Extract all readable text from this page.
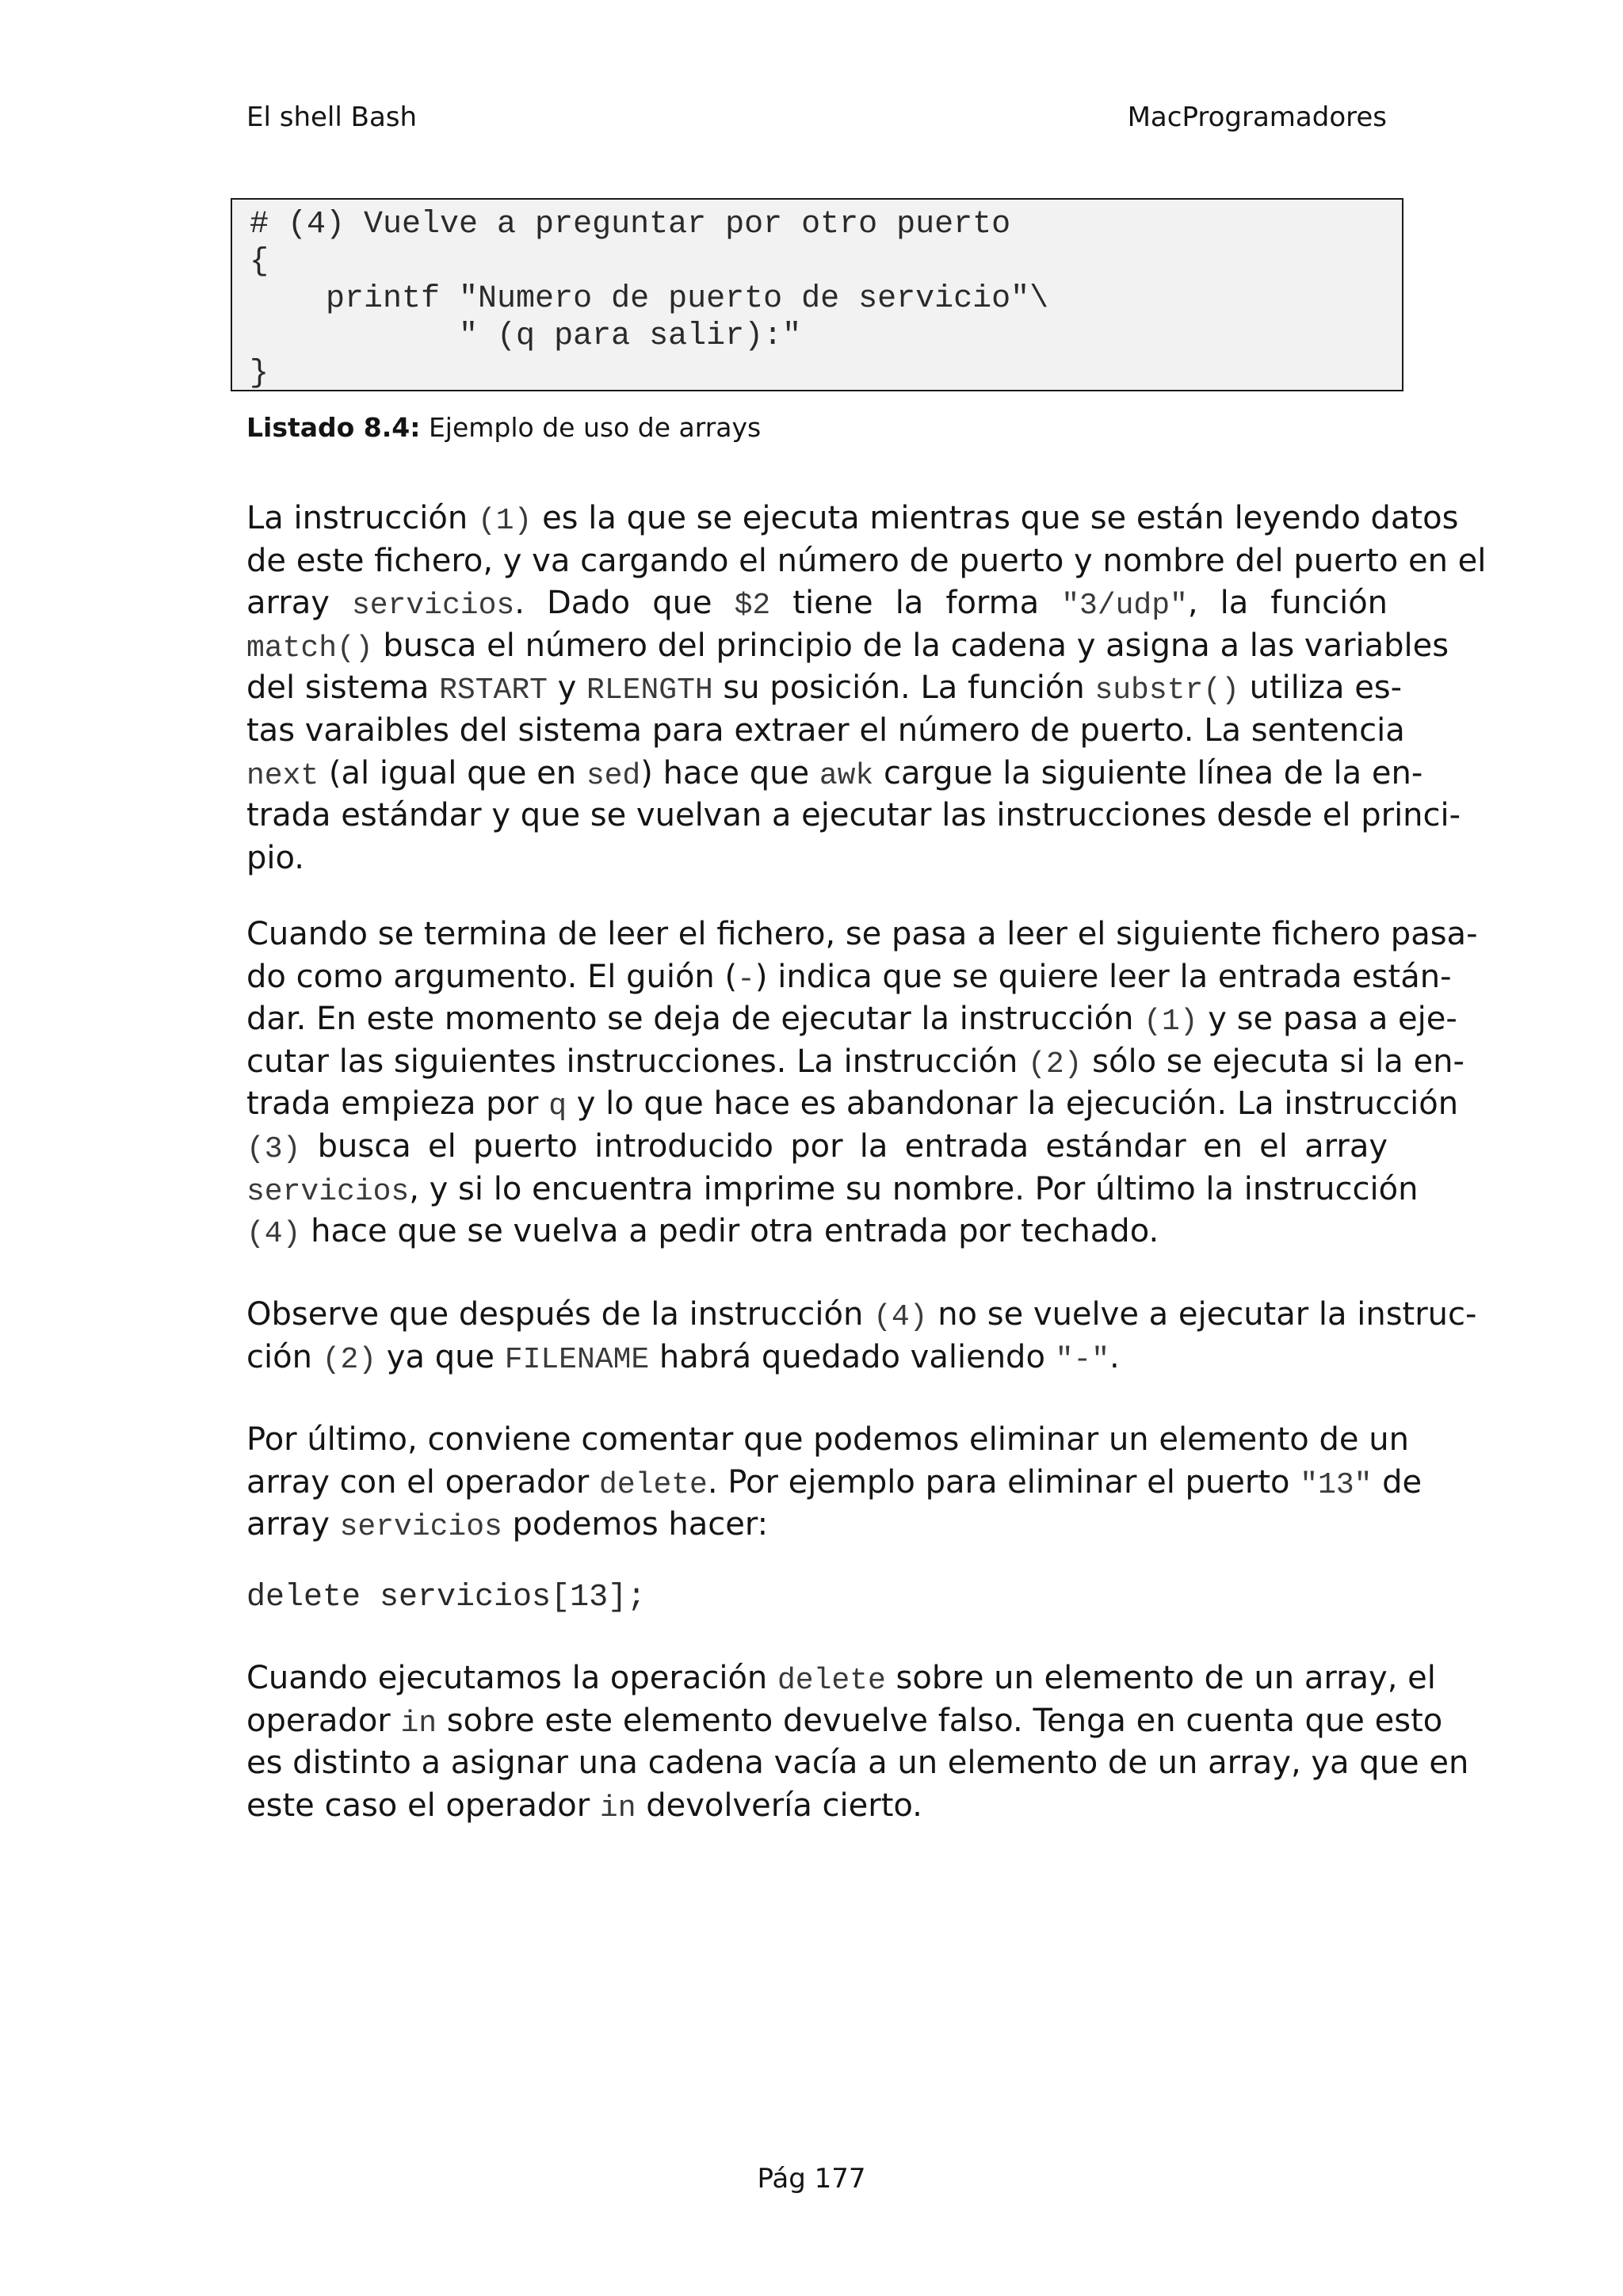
El shell Bash	MacProgramadores
# (4) Vuelve a preguntar por otro puerto
{
printf "Numero de puerto de servicio"\
" (q para salir):"
}
Listado 8.4: Ejemplo de uso de arrays
La instrucción (1) es la que se ejecuta mientras que se están leyendo datos
de este fichero, y va cargando el número de puerto y nombre del puerto en el
array servicios. Dado que $2 tiene la forma "3/udp", la función
match() busca el número del principio de la cadena y asigna a las variables
del sistema RSTART y RLENGTH su posición. La función substr() utiliza es-
tas varaibles del sistema para extraer el número de puerto. La sentencia
next (al igual que en sed) hace que awk cargue la siguiente línea de la en-
trada estándar y que se vuelvan a ejecutar las instrucciones desde el princi-
pio.
Cuando se termina de leer el fichero, se pasa a leer el siguiente fichero pasa-
do como argumento. El guión (-) indica que se quiere leer la entrada están-
dar. En este momento se deja de ejecutar la instrucción (1) y se pasa a eje-
cutar las siguientes instrucciones. La instrucción (2) sólo se ejecuta si la en-
trada empieza por q y lo que hace es abandonar la ejecución. La instrucción
(3) busca el puerto introducido por la entrada estándar en el array
servicios, y si lo encuentra imprime su nombre. Por último la instrucción
(4) hace que se vuelva a pedir otra entrada por techado.
Observe que después de la instrucción (4) no se vuelve a ejecutar la instruc-
ción (2) ya que FILENAME habrá quedado valiendo "-".
Por último, conviene comentar que podemos eliminar un elemento de un
array con el operador delete. Por ejemplo para eliminar el puerto "13" de
array servicios podemos hacer:
delete servicios[13];
Cuando ejecutamos la operación delete sobre un elemento de un array, el
operador in sobre este elemento devuelve falso. Tenga en cuenta que esto
es distinto a asignar una cadena vacía a un elemento de un array, ya que en
este caso el operador in devolvería cierto.
Pág 177
